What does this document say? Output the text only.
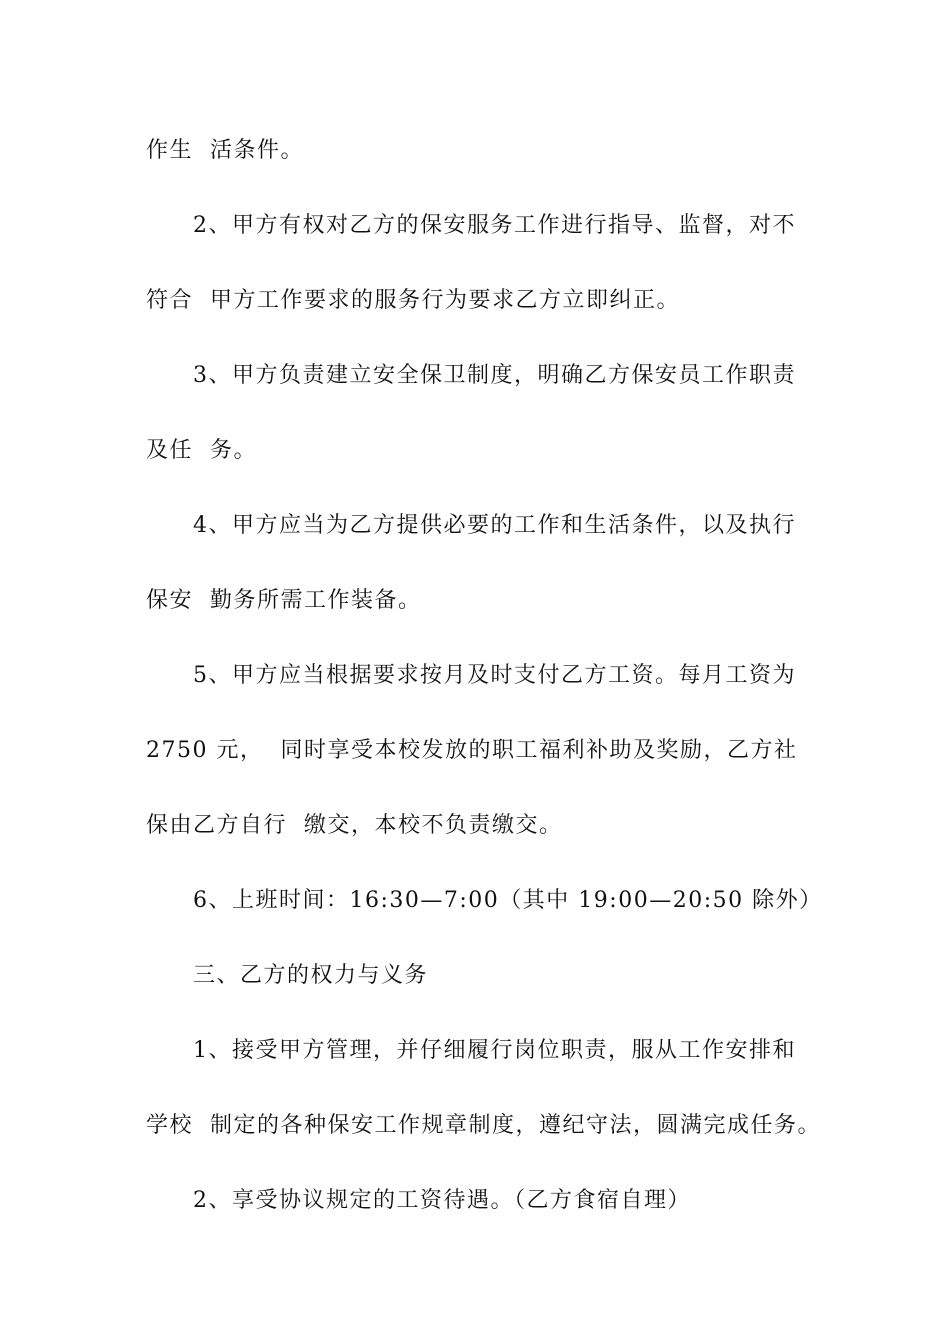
作生  活条件。
2、甲方有权对乙方的保安服务工作进行指导、监督，对不
符合  甲方工作要求的服务行为要求乙方立即纠正。
3、甲方负责建立安全保卫制度，明确乙方保安员工作职责
及任  务。
4、甲方应当为乙方提供必要的工作和生活条件，以及执行
保安  勤务所需工作装备。
5、甲方应当根据要求按月及时支付乙方工资。每月工资为
2750 元，  同时享受本校发放的职工福利补助及奖励，乙方社
保由乙方自行  缴交，本校不负责缴交。
6、上班时间：16:30—7:00（其中 19:00—20:50 除外）
三、乙方的权力与义务
1、接受甲方管理，并仔细履行岗位职责，服从工作安排和
学校  制定的各种保安工作规章制度，遵纪守法，圆满完成任务。
2、享受协议规定的工资待遇。（乙方食宿自理）
